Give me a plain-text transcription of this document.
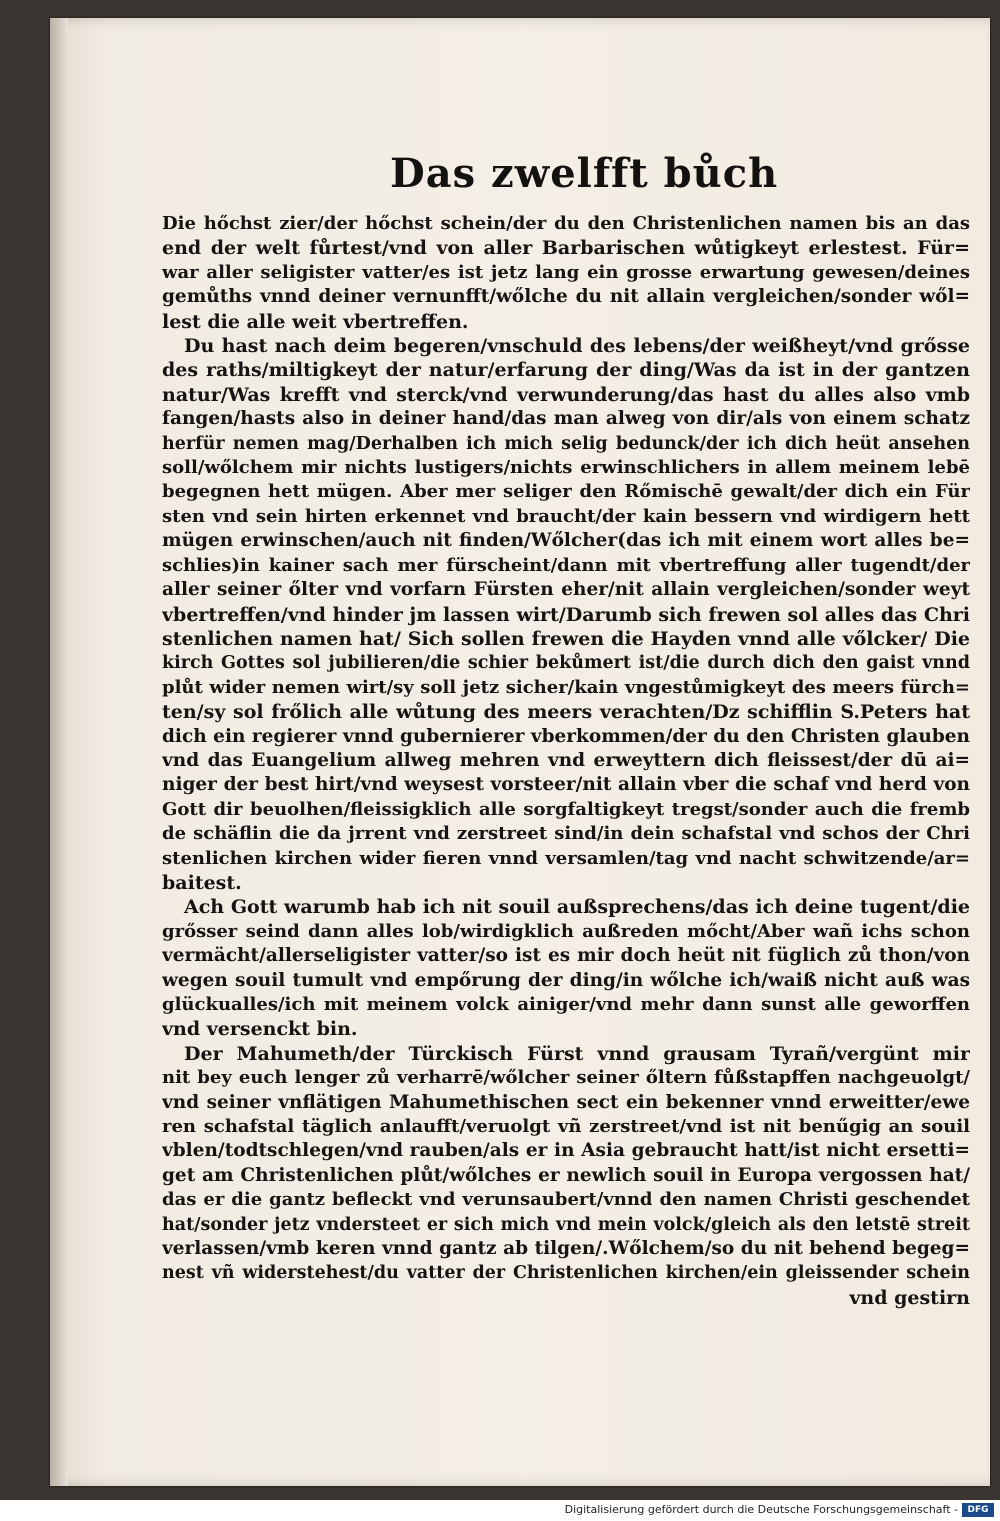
Das zwelfft bůch
Die hőchst zier/der hőchst schein/der du den Christenlichen namen bis an das
end der welt fůrtest/vnd von aller Barbarischen wůtigkeyt erlestest. Für=
war aller seligister vatter/es ist jetz lang ein grosse erwartung gewesen/deines
gemůths vnnd deiner vernunfft/wőlche du nit allain vergleichen/sonder wől=
lest die alle weit vbertreffen.
Du hast nach deim begeren/vnschuld des lebens/der weißheyt/vnd grősse
des raths/miltigkeyt der natur/erfarung der ding/Was da ist in der gantzen
natur/Was krefft vnd sterck/vnd verwunderung/das hast du alles also vmb
fangen/hasts also in deiner hand/das man alweg von dir/als von einem schatz
herfür nemen mag/Derhalben ich mich selig bedunck/der ich dich heüt ansehen
soll/wőlchem mir nichts lustigers/nichts erwinschlichers in allem meinem lebē
begegnen hett mügen. Aber mer seliger den Rőmischē gewalt/der dich ein Für
sten vnd sein hirten erkennet vnd braucht/der kain bessern vnd wirdigern hett
mügen erwinschen/auch nit finden/Wőlcher(das ich mit einem wort alles be=
schlies)in kainer sach mer fürscheint/dann mit vbertreffung aller tugendt/der
aller seiner őlter vnd vorfarn Fürsten eher/nit allain vergleichen/sonder weyt
vbertreffen/vnd hinder jm lassen wirt/Darumb sich frewen sol alles das Chri
stenlichen namen hat/ Sich sollen frewen die Hayden vnnd alle vőlcker/ Die
kirch Gottes sol jubilieren/die schier bekůmert ist/die durch dich den gaist vnnd
plůt wider nemen wirt/sy soll jetz sicher/kain vngestůmigkeyt des meers fürch=
ten/sy sol frőlich alle wůtung des meers verachten/Dz schifflin S.Peters hat
dich ein regierer vnnd gubernierer vberkommen/der du den Christen glauben
vnd das Euangelium allweg mehren vnd erweyttern dich fleissest/der dū ai=
niger der best hirt/vnd weysest vorsteer/nit allain vber die schaf vnd herd von
Gott dir beuolhen/fleissigklich alle sorgfaltigkeyt tregst/sonder auch die fremb
de schäflin die da jrrent vnd zerstreet sind/in dein schafstal vnd schos der Chri
stenlichen kirchen wider fieren vnnd versamlen/tag vnd nacht schwitzende/ar=
baitest.
Ach Gott warumb hab ich nit souil außsprechens/das ich deine tugent/die
grősser seind dann alles lob/wirdigklich außreden mőcht/Aber wañ ichs schon
vermächt/allerseligister vatter/so ist es mir doch heüt nit füglich zů thon/von
wegen souil tumult vnd empőrung der ding/in wőlche ich/waiß nicht auß was
glückualles/ich mit meinem volck ainiger/vnd mehr dann sunst alle geworffen
vnd versenckt bin.
Der Mahumeth/der Türckisch Fürst vnnd grausam Tyrañ/vergünt mir
nit bey euch lenger zů verharrē/wőlcher seiner őltern fůßstapffen nachgeuolgt/
vnd seiner vnflätigen Mahumethischen sect ein bekenner vnnd erweitter/ewe
ren schafstal täglich anlaufft/veruolgt vñ zerstreet/vnd ist nit benűgig an souil
vblen/todtschlegen/vnd rauben/als er in Asia gebraucht hatt/ist nicht ersetti=
get am Christenlichen plůt/wőlches er newlich souil in Europa vergossen hat/
das er die gantz befleckt vnd verunsaubert/vnnd den namen Christi geschendet
hat/sonder jetz vndersteet er sich mich vnd mein volck/gleich als den letstē streit
verlassen/vmb keren vnnd gantz ab tilgen/.Wőlchem/so du nit behend begeg=
nest vñ widerstehest/du vatter der Christenlichen kirchen/ein gleissender schein
vnd gestirn
Digitalisierung gefördert durch die Deutsche Forschungsgemeinschaft -	DFG
